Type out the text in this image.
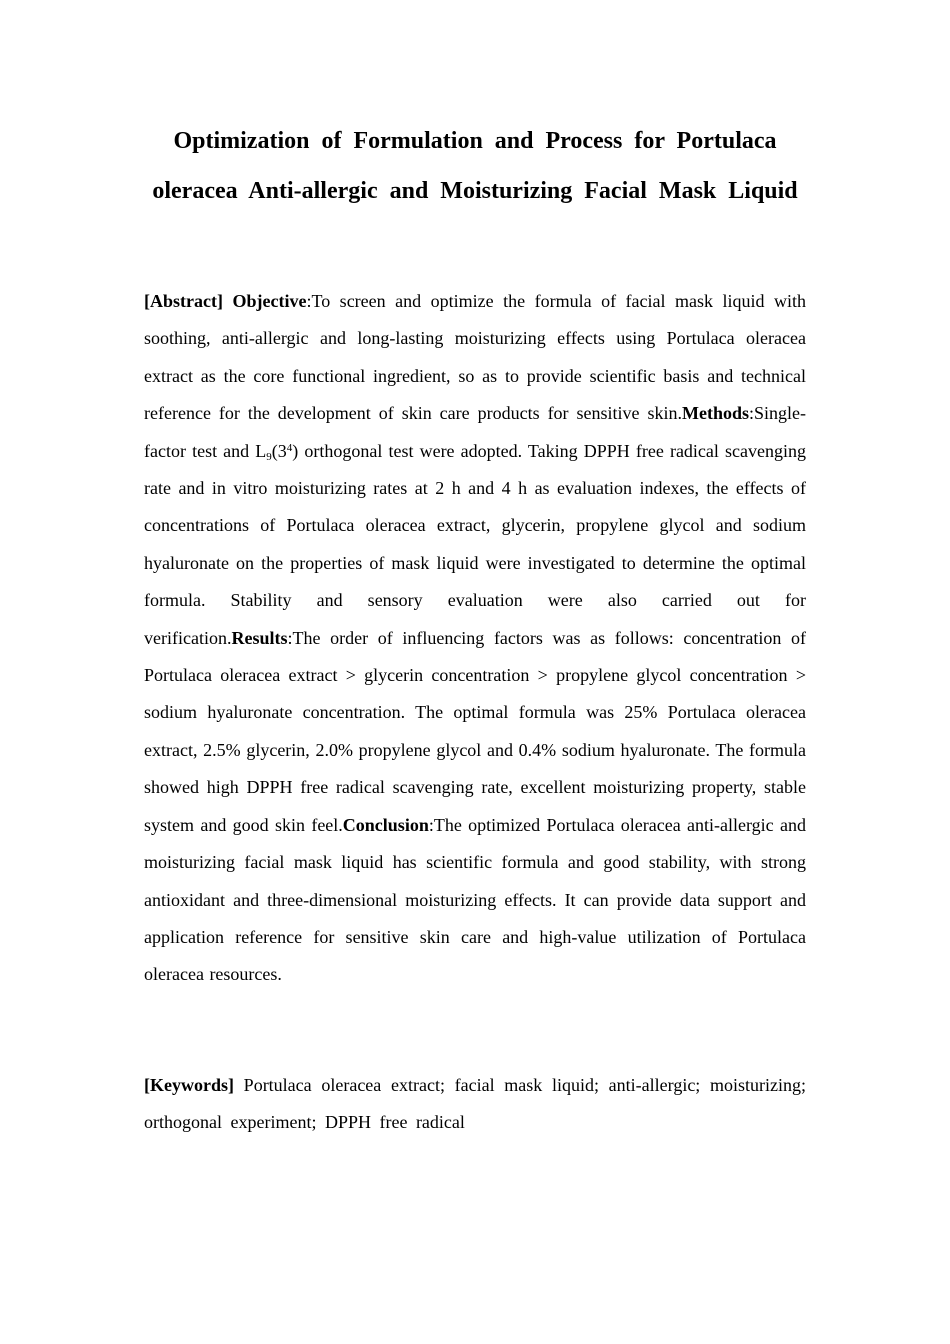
Optimization of Formulation and Process for Portulaca oleracea Anti-allergic and Moisturizing Facial Mask Liquid

[Abstract] Objective:To screen and optimize the formula of facial mask liquid with soothing, anti-allergic and long-lasting moisturizing effects using Portulaca oleracea extract as the core functional ingredient, so as to provide scientific basis and technical reference for the development of skin care products for sensitive skin.Methods:Single-factor test and $L_9(3^4)$ orthogonal test were adopted. Taking DPPH free radical scavenging rate and in vitro moisturizing rates at 2 h and 4 h as evaluation indexes, the effects of concentrations of Portulaca oleracea extract, glycerin, propylene glycol and sodium hyaluronate on the properties of mask liquid were investigated to determine the optimal formula. Stability and sensory evaluation were also carried out for verification.Results:The order of influencing factors was as follows: concentration of Portulaca oleracea extract > glycerin concentration > propylene glycol concentration > sodium hyaluronate concentration. The optimal formula was 25% Portulaca oleracea extract, 2.5% glycerin, 2.0% propylene glycol and 0.4% sodium hyaluronate. The formula showed high DPPH free radical scavenging rate, excellent moisturizing property, stable system and good skin feel.Conclusion:The optimized Portulaca oleracea anti-allergic and moisturizing facial mask liquid has scientific formula and good stability, with strong antioxidant and three-dimensional moisturizing effects. It can provide data support and application reference for sensitive skin care and high-value utilization of Portulaca oleracea resources.

[Keywords] Portulaca oleracea extract; facial mask liquid; anti-allergic; moisturizing; orthogonal experiment; DPPH free radical
